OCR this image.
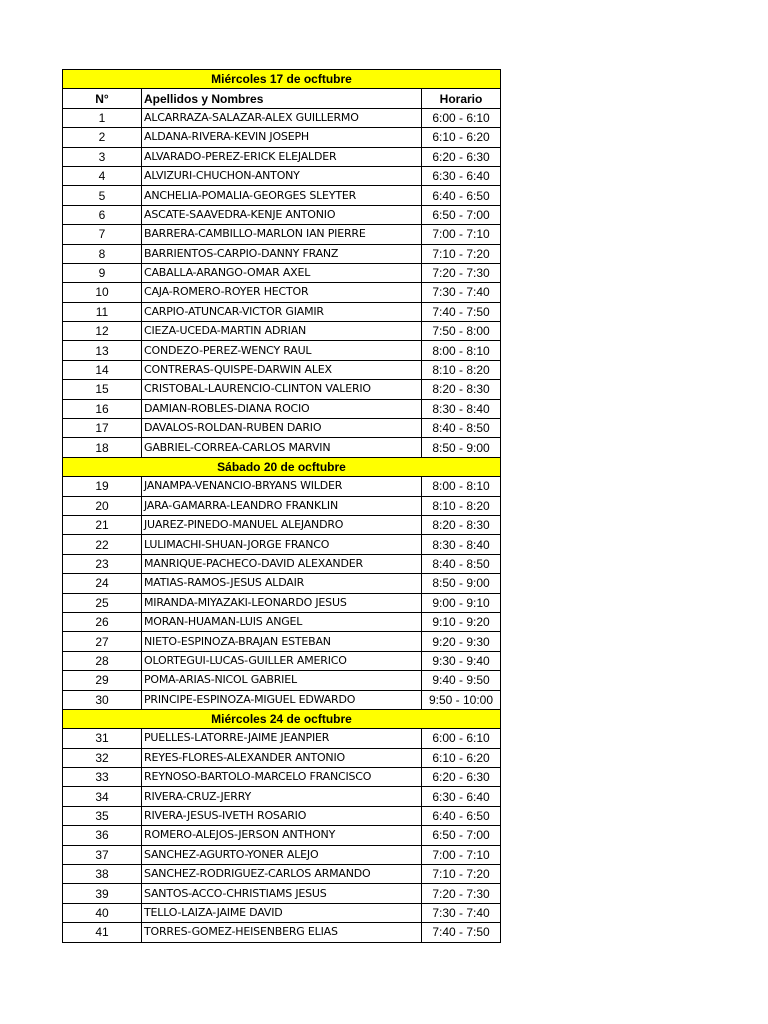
Miércoles 17 de ocftubre		
N°	Apellidos y Nombres	Horario
1	ALCARRAZA-SALAZAR-ALEX GUILLERMO	6:00 - 6:10
2	ALDANA-RIVERA-KEVIN JOSEPH	6:10 - 6:20
3	ALVARADO-PEREZ-ERICK ELEJALDER	6:20 - 6:30
4	ALVIZURI-CHUCHON-ANTONY	6:30 - 6:40
5	ANCHELIA-POMALIA-GEORGES SLEYTER	6:40 - 6:50
6	ASCATE-SAAVEDRA-KENJE ANTONIO	6:50 - 7:00
7	BARRERA-CAMBILLO-MARLON IAN PIERRE	7:00 - 7:10
8	BARRIENTOS-CARPIO-DANNY FRANZ	7:10 - 7:20
9	CABALLA-ARANGO-OMAR AXEL	7:20 - 7:30
10	CAJA-ROMERO-ROYER HECTOR	7:30 - 7:40
11	CARPIO-ATUNCAR-VICTOR GIAMIR	7:40 - 7:50
12	CIEZA-UCEDA-MARTIN ADRIAN	7:50 - 8:00
13	CONDEZO-PEREZ-WENCY RAUL	8:00 - 8:10
14	CONTRERAS-QUISPE-DARWIN ALEX	8:10 - 8:20
15	CRISTOBAL-LAURENCIO-CLINTON VALERIO	8:20 - 8:30
16	DAMIAN-ROBLES-DIANA ROCIO	8:30 - 8:40
17	DAVALOS-ROLDAN-RUBEN DARIO	8:40 - 8:50
18	GABRIEL-CORREA-CARLOS MARVIN	8:50 - 9:00
Sábado 20 de ocftubre		
19	JANAMPA-VENANCIO-BRYANS WILDER	8:00 - 8:10
20	JARA-GAMARRA-LEANDRO FRANKLIN	8:10 - 8:20
21	JUAREZ-PINEDO-MANUEL ALEJANDRO	8:20 - 8:30
22	LULIMACHI-SHUAN-JORGE FRANCO	8:30 - 8:40
23	MANRIQUE-PACHECO-DAVID ALEXANDER	8:40 - 8:50
24	MATIAS-RAMOS-JESUS ALDAIR	8:50 - 9:00
25	MIRANDA-MIYAZAKI-LEONARDO JESUS	9:00 - 9:10
26	MORAN-HUAMAN-LUIS ANGEL	9:10 - 9:20
27	NIETO-ESPINOZA-BRAJAN ESTEBAN	9:20 - 9:30
28	OLORTEGUI-LUCAS-GUILLER AMERICO	9:30 - 9:40
29	POMA-ARIAS-NICOL GABRIEL	9:40 - 9:50
30	PRINCIPE-ESPINOZA-MIGUEL EDWARDO	9:50 - 10:00
Miércoles 24 de ocftubre		
31	PUELLES-LATORRE-JAIME JEANPIER	6:00 - 6:10
32	REYES-FLORES-ALEXANDER ANTONIO	6:10 - 6:20
33	REYNOSO-BARTOLO-MARCELO FRANCISCO	6:20 - 6:30
34	RIVERA-CRUZ-JERRY	6:30 - 6:40
35	RIVERA-JESUS-IVETH ROSARIO	6:40 - 6:50
36	ROMERO-ALEJOS-JERSON ANTHONY	6:50 - 7:00
37	SANCHEZ-AGURTO-YONER ALEJO	7:00 - 7:10
38	SANCHEZ-RODRIGUEZ-CARLOS ARMANDO	7:10 - 7:20
39	SANTOS-ACCO-CHRISTIAMS JESUS	7:20 - 7:30
40	TELLO-LAIZA-JAIME DAVID	7:30 - 7:40
41	TORRES-GOMEZ-HEISENBERG ELIAS	7:40 - 7:50
